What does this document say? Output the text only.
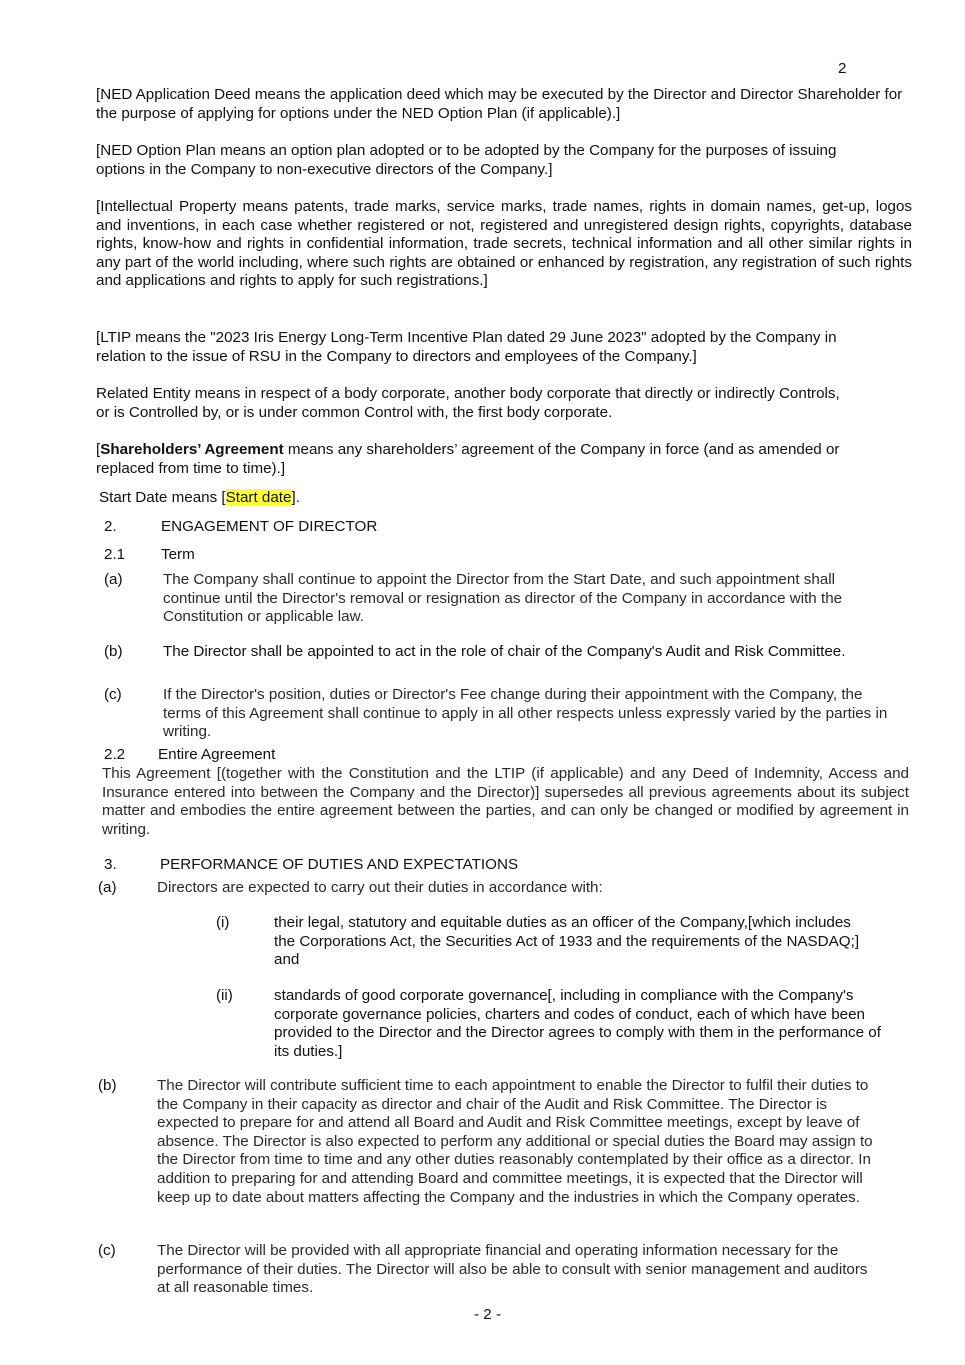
2

[NED Application Deed means the application deed which may be executed by the Director and Director Shareholder for the purpose of applying for options under the NED Option Plan (if applicable).]

[NED Option Plan means an option plan adopted or to be adopted by the Company for the purposes of issuing options in the Company to non-executive directors of the Company.]

[Intellectual Property means patents, trade marks, service marks, trade names, rights in domain names, get-up, logos and inventions, in each case whether registered or not, registered and unregistered design rights, copyrights, database rights, know-how and rights in confidential information, trade secrets, technical information and all other similar rights in any part of the world including, where such rights are obtained or enhanced by registration, any registration of such rights and applications and rights to apply for such registrations.]

[LTIP means the "2023 Iris Energy Long-Term Incentive Plan dated 29 June 2023" adopted by the Company in relation to the issue of RSU in the Company to directors and employees of the Company.]

Related Entity means in respect of a body corporate, another body corporate that directly or indirectly Controls, or is Controlled by, or is under common Control with, the first body corporate.

[Shareholders’ Agreement means any shareholders’ agreement of the Company in force (and as amended or replaced from time to time).]

Start Date means [Start date].

2.	ENGAGEMENT OF DIRECTOR
2.1 Term
(a)	The Company shall continue to appoint the Director from the Start Date, and such appointment shall continue until the Director's removal or resignation as director of the Company in accordance with the Constitution or applicable law.

(b)	The Director shall be appointed to act in the role of chair of the Company's Audit and Risk Committee.

(c)	If the Director's position, duties or Director's Fee change during their appointment with the Company, the terms of this Agreement shall continue to apply in all other respects unless expressly varied by the parties in writing.

2.2 Entire Agreement

This Agreement [(together with the Constitution and the LTIP (if applicable) and any Deed of Indemnity, Access and Insurance entered into between the Company and the Director)] supersedes all previous agreements about its subject matter and embodies the entire agreement between the parties, and can only be changed or modified by agreement in writing.

3.	PERFORMANCE OF DUTIES AND EXPECTATIONS
(a)	Directors are expected to carry out their duties in accordance with:

(i)	their legal, statutory and equitable duties as an officer of the Company,[which includes the Corporations Act, the Securities Act of 1933 and the requirements of the NASDAQ;] and

(ii)	standards of good corporate governance[, including in compliance with the Company's corporate governance policies, charters and codes of conduct, each of which have been provided to the Director and the Director agrees to comply with them in the performance of its duties.]

(b)	The Director will contribute sufficient time to each appointment to enable the Director to fulfil their duties to the Company in their capacity as director and chair of the Audit and Risk Committee. The Director is expected to prepare for and attend all Board and Audit and Risk Committee meetings, except by leave of absence. The Director is also expected to perform any additional or special duties the Board may assign to the Director from time to time and any other duties reasonably contemplated by their office as a director. In addition to preparing for and attending Board and committee meetings, it is expected that the Director will keep up to date about matters affecting the Company and the industries in which the Company operates.

(c)	The Director will be provided with all appropriate financial and operating information necessary for the performance of their duties. The Director will also be able to consult with senior management and auditors at all reasonable times.

- 2 -
